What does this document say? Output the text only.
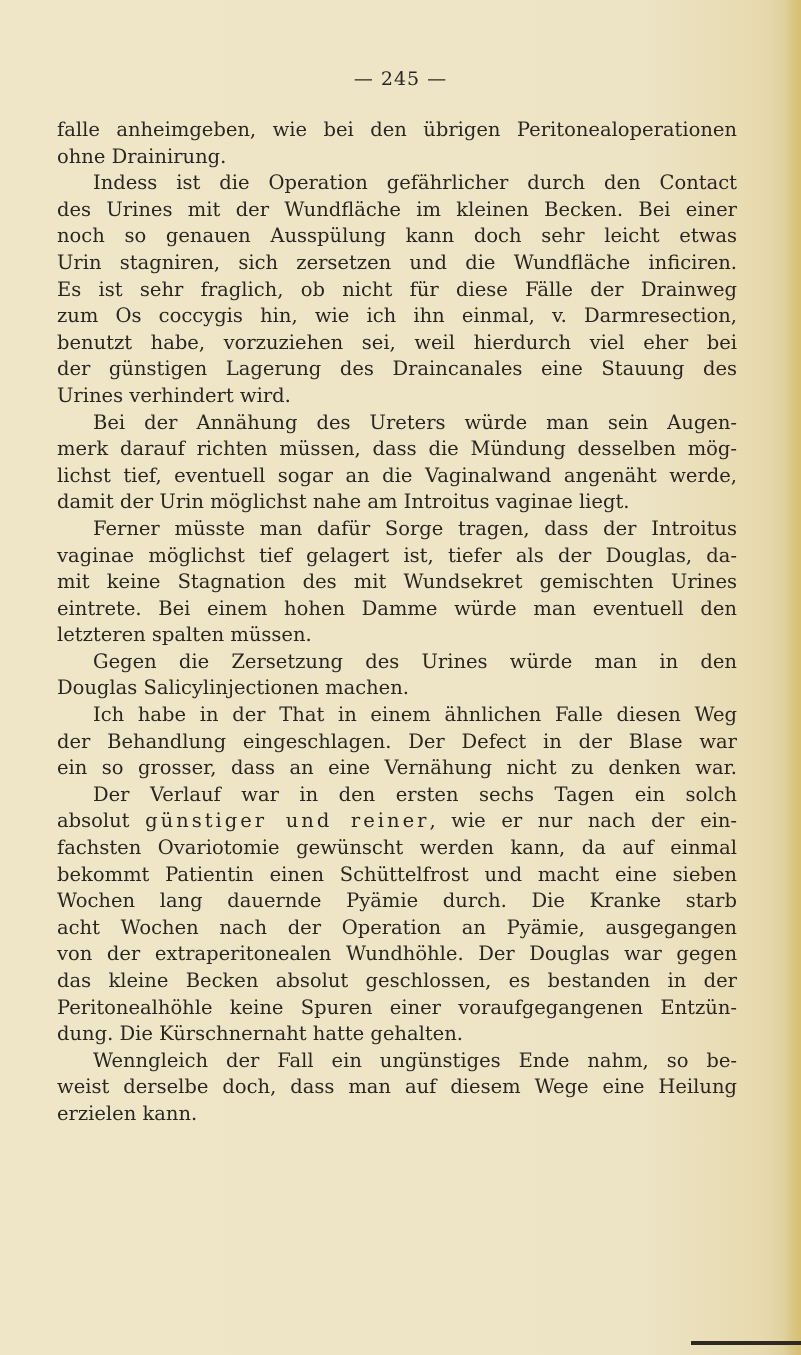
— 245 —
falle anheimgeben, wie bei den übrigen Peritonealoperationen
ohne Drainirung.
Indess ist die Operation gefährlicher durch den Contact
des Urines mit der Wundfläche im kleinen Becken. Bei einer
noch so genauen Ausspülung kann doch sehr leicht etwas
Urin stagniren, sich zersetzen und die Wundfläche inficiren.
Es ist sehr fraglich, ob nicht für diese Fälle der Drainweg
zum Os coccygis hin, wie ich ihn einmal, v. Darmresection,
benutzt habe, vorzuziehen sei, weil hierdurch viel eher bei
der günstigen Lagerung des Draincanales eine Stauung des
Urines verhindert wird.
Bei der Annähung des Ureters würde man sein Augen-
merk darauf richten müssen, dass die Mündung desselben mög-
lichst tief, eventuell sogar an die Vaginalwand angenäht werde,
damit der Urin möglichst nahe am Introitus vaginae liegt.
Ferner müsste man dafür Sorge tragen, dass der Introitus
vaginae möglichst tief gelagert ist, tiefer als der Douglas, da-
mit keine Stagnation des mit Wundsekret gemischten Urines
eintrete. Bei einem hohen Damme würde man eventuell den
letzteren spalten müssen.
Gegen die Zersetzung des Urines würde man in den
Douglas Salicylinjectionen machen.
Ich habe in der That in einem ähnlichen Falle diesen Weg
der Behandlung eingeschlagen. Der Defect in der Blase war
ein so grosser, dass an eine Vernähung nicht zu denken war.
Der Verlauf war in den ersten sechs Tagen ein solch
absolut günstiger und reiner, wie er nur nach der ein-
fachsten Ovariotomie gewünscht werden kann, da auf einmal
bekommt Patientin einen Schüttelfrost und macht eine sieben
Wochen lang dauernde Pyämie durch. Die Kranke starb
acht Wochen nach der Operation an Pyämie, ausgegangen
von der extraperitonealen Wundhöhle. Der Douglas war gegen
das kleine Becken absolut geschlossen, es bestanden in der
Peritonealhöhle keine Spuren einer voraufgegangenen Entzün-
dung. Die Kürschnernaht hatte gehalten.
Wenngleich der Fall ein ungünstiges Ende nahm, so be-
weist derselbe doch, dass man auf diesem Wege eine Heilung
erzielen kann.
